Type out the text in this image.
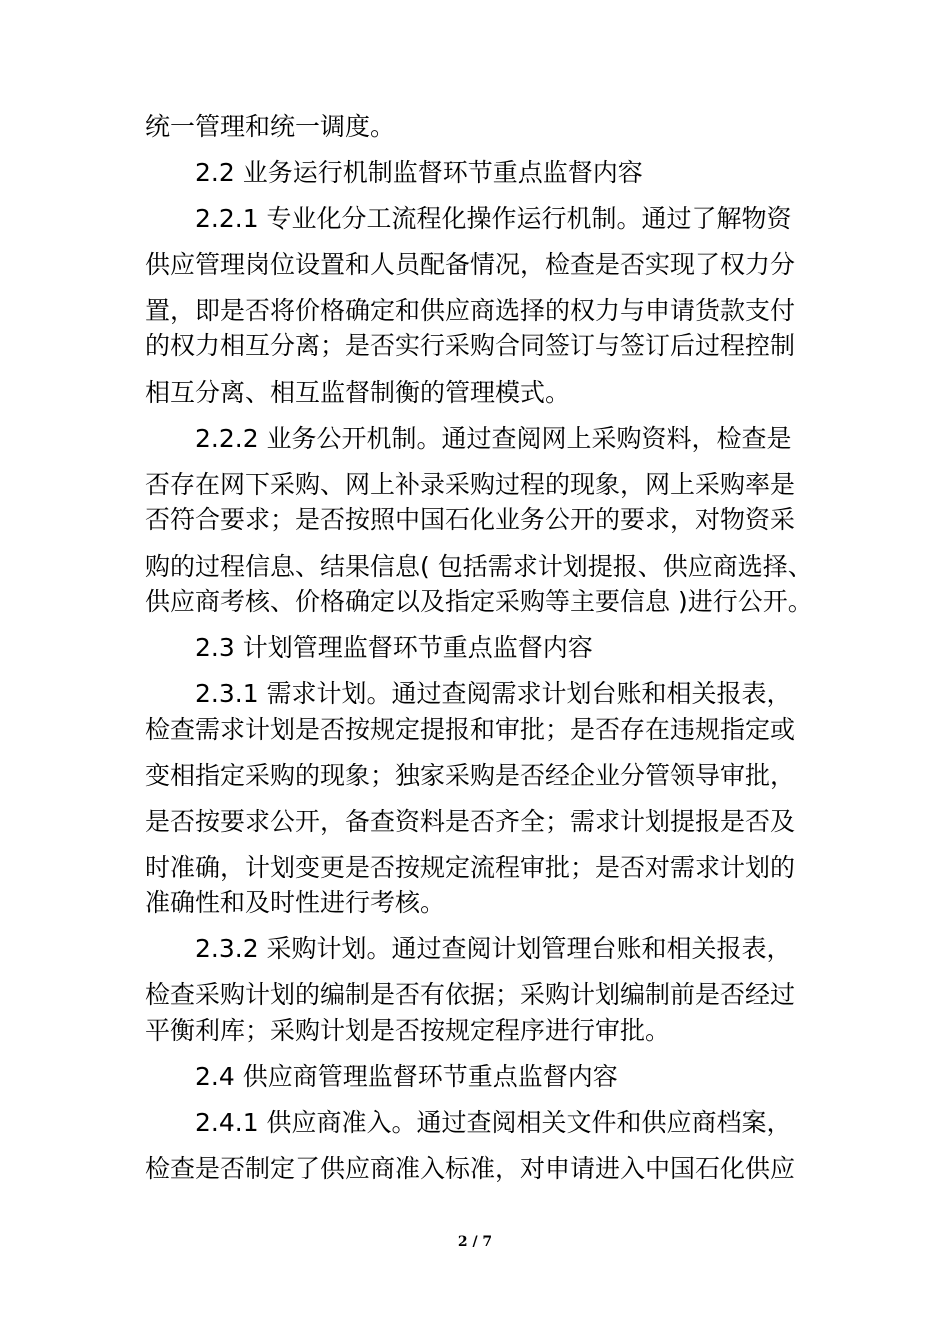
统一管理和统一调度。
2.2 业务运行机制监督环节重点监督内容
2.2.1 专业化分工流程化操作运行机制。通过了解物资
供应管理岗位设置和人员配备情况，检查是否实现了权力分
置，即是否将价格确定和供应商选择的权力与申请货款支付
的权力相互分离；是否实行采购合同签订与签订后过程控制
相互分离、相互监督制衡的管理模式。
2.2.2 业务公开机制。通过查阅网上采购资料，检查是
否存在网下采购、网上补录采购过程的现象，网上采购率是
否符合要求；是否按照中国石化业务公开的要求，对物资采
购的过程信息、结果信息( 包括需求计划提报、供应商选择、
供应商考核、价格确定以及指定采购等主要信息 )进行公开。
2.3 计划管理监督环节重点监督内容
2.3.1 需求计划。通过查阅需求计划台账和相关报表，
检查需求计划是否按规定提报和审批；是否存在违规指定或
变相指定采购的现象；独家采购是否经企业分管领导审批，
是否按要求公开，备查资料是否齐全；需求计划提报是否及
时准确，计划变更是否按规定流程审批；是否对需求计划的
准确性和及时性进行考核。
2.3.2 采购计划。通过查阅计划管理台账和相关报表，
检查采购计划的编制是否有依据；采购计划编制前是否经过
平衡利库；采购计划是否按规定程序进行审批。
2.4 供应商管理监督环节重点监督内容
2.4.1 供应商准入。通过查阅相关文件和供应商档案，
检查是否制定了供应商准入标准，对申请进入中国石化供应
2 / 7
